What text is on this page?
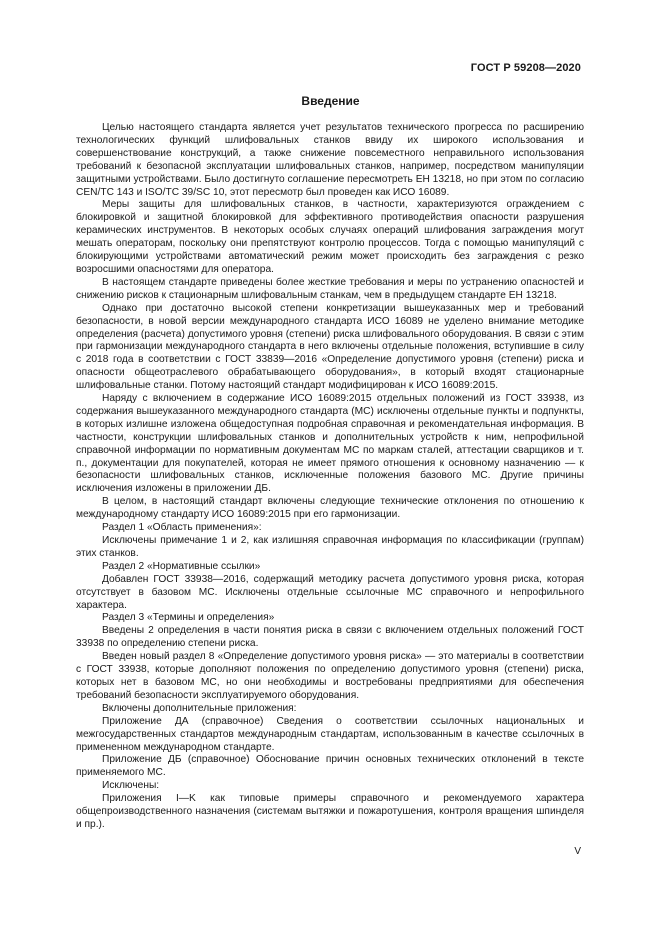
ГОСТ Р 59208—2020
Введение

Целью настоящего стандарта является учет результатов технического прогресса по расширению технологических функций шлифовальных станков ввиду их широкого использования и совершенствование конструкций, а также снижение повсеместного неправильного использования требований к безопасной эксплуатации шлифовальных станков, например, посредством манипуляции защитными устройствами. Было достигнуто соглашение пересмотреть ЕН 13218, но при этом по согласию CEN/TC 143 и ISO/TC 39/SC 10, этот пересмотр был проведен как ИСО 16089.

Меры защиты для шлифовальных станков, в частности, характеризуются ограждением с блокировкой и защитной блокировкой для эффективного противодействия опасности разрушения керамических инструментов. В некоторых особых случаях операций шлифования заграждения могут мешать операторам, поскольку они препятствуют контролю процессов. Тогда с помощью манипуляций с блокирующими устройствами автоматический режим может происходить без заграждения с резко возросшими опасностями для оператора.

В настоящем стандарте приведены более жесткие требования и меры по устранению опасностей и снижению рисков к стационарным шлифовальным станкам, чем в предыдущем стандарте ЕН 13218.

Однако при достаточно высокой степени конкретизации вышеуказанных мер и требований безопасности, в новой версии международного стандарта ИСО 16089 не уделено внимание методике определения (расчета) допустимого уровня (степени) риска шлифовального оборудования. В связи с этим при гармонизации международного стандарта в него включены отдельные положения, вступившие в силу с 2018 года в соответствии с ГОСТ 33839—2016 «Определение допустимого уровня (степени) риска и опасности общеотраслевого обрабатывающего оборудования», в который входят стационарные шлифовальные станки. Потому настоящий стандарт модифицирован к ИСО 16089:2015.

Наряду с включением в содержание ИСО 16089:2015 отдельных положений из ГОСТ 33938, из содержания вышеуказанного международного стандарта (МС) исключены отдельные пункты и подпункты, в которых излишне изложена общедоступная подробная справочная и рекомендательная информация. В частности, конструкции шлифовальных станков и дополнительных устройств к ним, непрофильной справочной информации по нормативным документам МС по маркам сталей, аттестации сварщиков и т. п., документации для покупателей, которая не имеет прямого отношения к основному назначению — к безопасности шлифовальных станков, исключенные положения базового МС. Другие причины исключения изложены в приложении ДБ.

В целом, в настоящий стандарт включены следующие технические отклонения по отношению к международному стандарту ИСО 16089:2015 при его гармонизации.

Раздел 1 «Область применения»:

Исключены примечание 1 и 2, как излишняя справочная информация по классификации (группам) этих станков.

Раздел 2 «Нормативные ссылки»

Добавлен ГОСТ 33938—2016, содержащий методику расчета допустимого уровня риска, которая отсутствует в базовом МС. Исключены отдельные ссылочные МС справочного и непрофильного характера.

Раздел 3 «Термины и определения»

Введены 2 определения в части понятия риска в связи с включением отдельных положений ГОСТ 33938 по определению степени риска.

Введен новый раздел 8 «Определение допустимого уровня риска» — это материалы в соответствии с ГОСТ 33938, которые дополняют положения по определению допустимого уровня (степени) риска, которых нет в базовом МС, но они необходимы и востребованы предприятиями для обеспечения требований безопасности эксплуатируемого оборудования.

Включены дополнительные приложения:

Приложение ДА (справочное) Сведения о соответствии ссылочных национальных и межгосударственных стандартов международным стандартам, использованным в качестве ссылочных в примененном международном стандарте.

Приложение ДБ (справочное) Обоснование причин основных технических отклонений в тексте применяемого МС.

Исключены:

Приложения I—K как типовые примеры справочного и рекомендуемого характера общепроизводственного назначения (системам вытяжки и пожаротушения, контроля вращения шпинделя и пр.).

V
